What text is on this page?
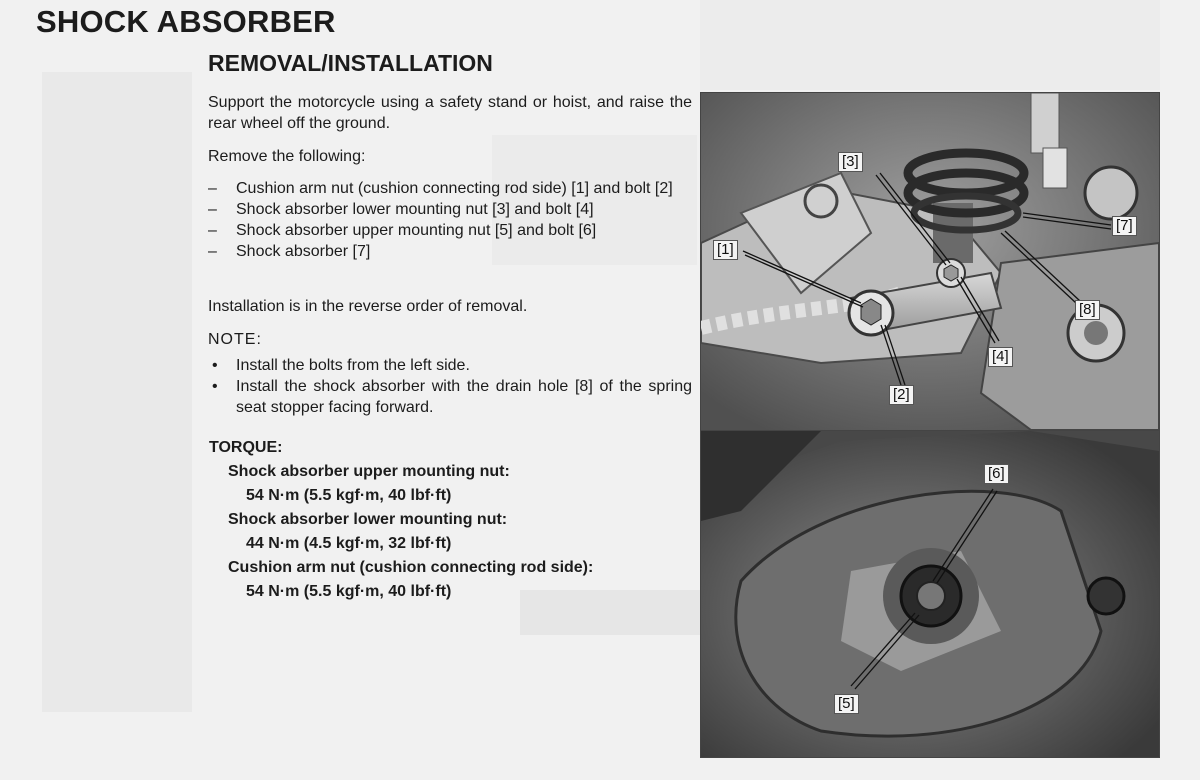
SHOCK ABSORBER
REMOVAL/INSTALLATION
Support the motorcycle using a safety stand or hoist, and raise the rear wheel off the ground.
Remove the following:
–	Cushion arm nut (cushion connecting rod side) [1] and bolt [2]
–	Shock absorber lower mounting nut [3] and bolt [4]
–	Shock absorber upper mounting nut [5] and bolt [6]
–	Shock absorber [7]
Installation is in the reverse order of removal.
NOTE:
•	Install the bolts from the left side.
•	Install the shock absorber with the drain hole [8] of the spring seat stopper facing forward.
TORQUE:
Shock absorber upper mounting nut:
54 N·m (5.5 kgf·m, 40 lbf·ft)
Shock absorber lower mounting nut:
44 N·m (4.5 kgf·m, 32 lbf·ft)
Cushion arm nut (cushion connecting rod side):
54 N·m (5.5 kgf·m, 40 lbf·ft)
[1]
[3]
[2]
[4]
[8]
[7]
[6]
[5]
